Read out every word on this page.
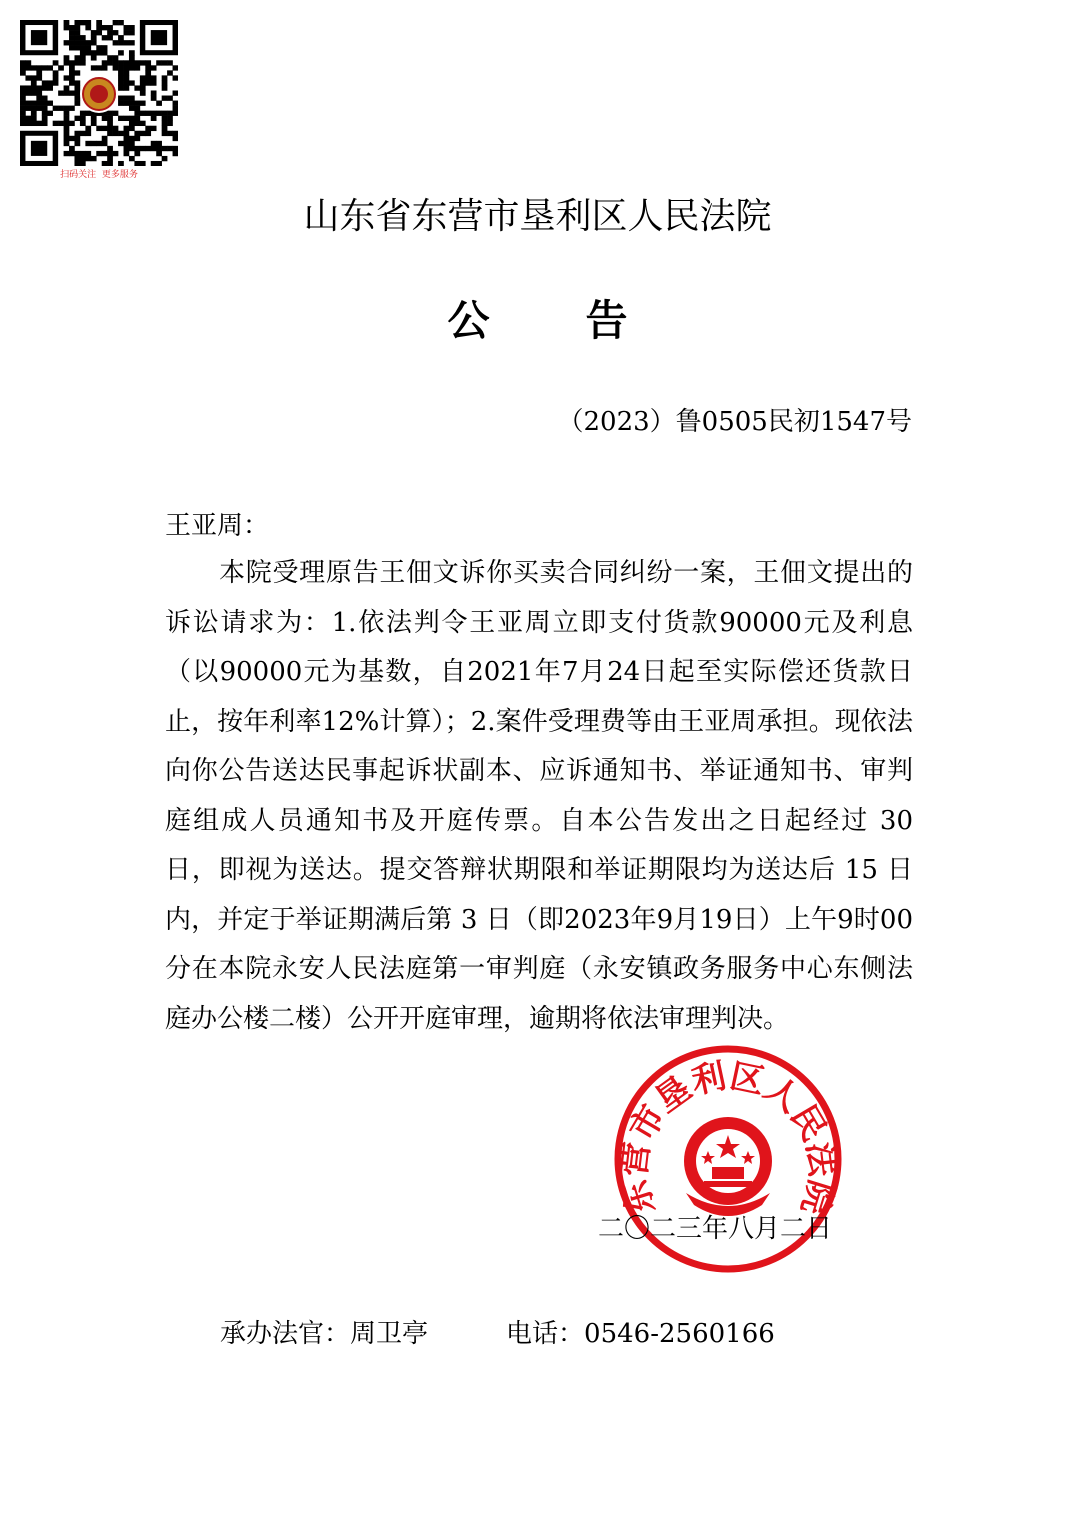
扫码关注  更多服务
山东省东营市垦利区人民法院
公 告
（2023）鲁0505民初1547号
王亚周：

本院受理原告王佃文诉你买卖合同纠纷一案，王佃文提出的诉讼请求为：1.依法判令王亚周立即支付货款90000元及利息（以90000元为基数，自2021年7月24日起至实际偿还货款日止，按年利率12%计算）；2.案件受理费等由王亚周承担。现依法向你公告送达民事起诉状副本、应诉通知书、举证通知书、审判庭组成人员通知书及开庭传票。自本公告发出之日起经过 30 日，即视为送达。提交答辩状期限和举证期限均为送达后 15 日内，并定于举证期满后第 3 日（即2023年9月19日）上午9时00分在本院永安人民法庭第一审判庭（永安镇政务服务中心东侧法庭办公楼二楼）公开开庭审理，逾期将依法审理判决。

东营市垦利区人民法院
二〇二三年八月二日
承办法官：周卫亭	电话：0546-2560166
